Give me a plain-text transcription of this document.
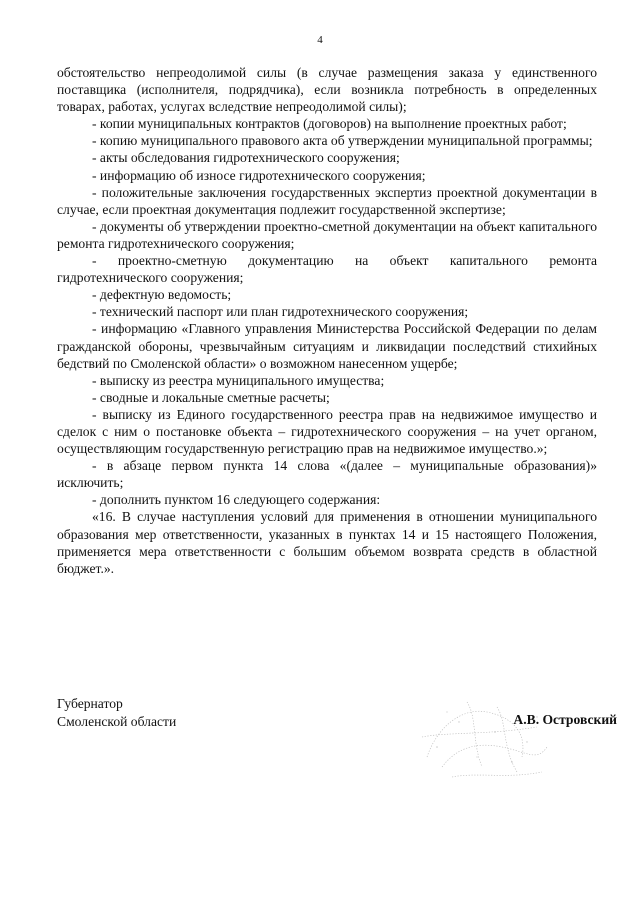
4

обстоятельство непреодолимой силы (в случае размещения заказа у единственного поставщика (исполнителя, подрядчика), если возникла потребность в определенных товарах, работах, услугах вследствие непреодолимой силы);

- копии муниципальных контрактов (договоров) на выполнение проектных работ;

- копию муниципального правового акта об утверждении муниципальной программы;

- акты обследования гидротехнического сооружения;

- информацию об износе гидротехнического сооружения;

- положительные заключения государственных экспертиз проектной документации в случае, если проектная документация подлежит государственной экспертизе;

- документы об утверждении проектно-сметной документации на объект капитального ремонта гидротехнического сооружения;

- проектно-сметную документацию на объект капитального ремонта гидротехнического сооружения;

- дефектную ведомость;

- технический паспорт или план гидротехнического сооружения;

- информацию «Главного управления Министерства Российской Федерации по делам гражданской обороны, чрезвычайным ситуациям и ликвидации последствий стихийных бедствий по Смоленской области» о возможном нанесенном ущербе;

- выписку из реестра муниципального имущества;

- сводные и локальные сметные расчеты;

- выписку из Единого государственного реестра прав на недвижимое имущество и сделок с ним о постановке объекта – гидротехнического сооружения – на учет органом, осуществляющим государственную регистрацию прав на недвижимое имущество.»;

- в абзаце первом пункта 14 слова «(далее – муниципальные образования)» исключить;

- дополнить пунктом 16 следующего содержания:

«16. В случае наступления условий для применения в отношении муниципального образования мер ответственности, указанных в пунктах 14 и 15 настоящего Положения, применяется мера ответственности с большим объемом возврата средств в областной бюджет.».

Губернатор
Смоленской области	А.В. Островский
